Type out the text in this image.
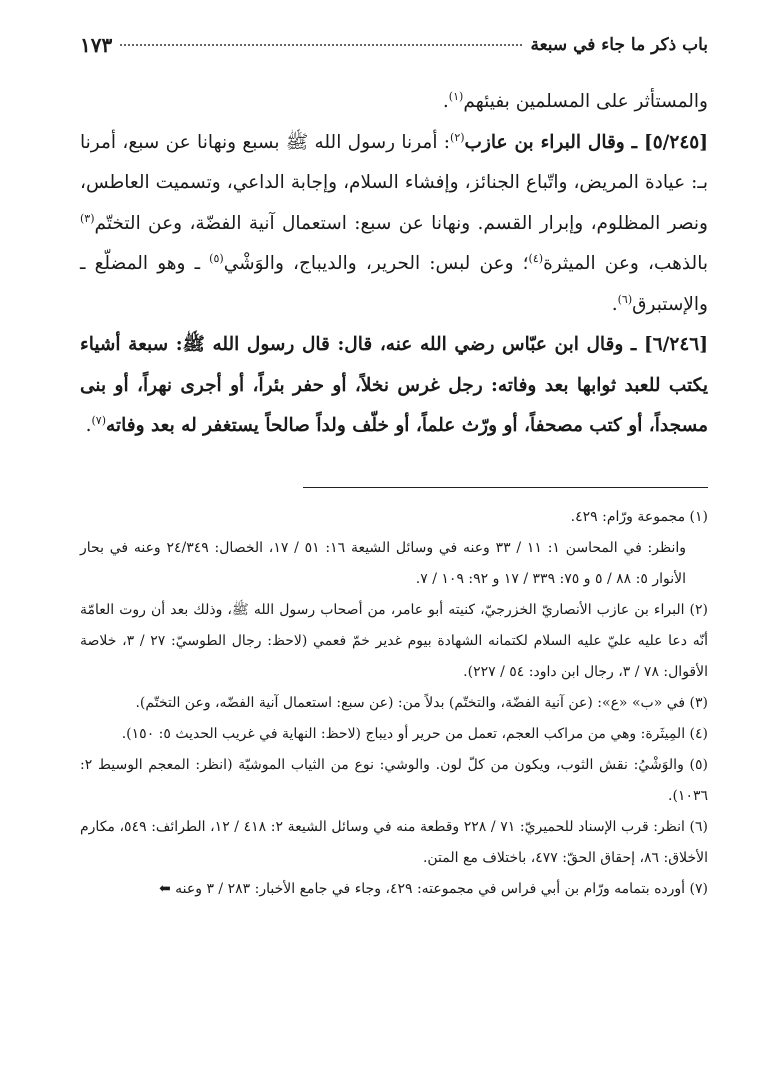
باب ذكر ما جاء في سبعة
١٧٣

والمستأثر على المسلمين بفيئهم$^{(١)}$.

[٥/٢٤٥] ـ وقال البراء بن عازب$^{(٢)}$: أمرنا رسول الله ﷺ بسبع ونهانا عن سبع، أمرنا بـ: عيادة المريض، واتّباع الجنائز، وإفشاء السلام، وإجابة الداعي، وتسميت العاطس، ونصر المظلوم، وإبرار القسم. ونهانا عن سبع: استعمال آنية الفضّة، وعن التختّم$^{(٣)}$ بالذهب، وعن الميثرة$^{(٤)}$؛ وعن لبس: الحرير، والديباج، والوَشْي$^{(٥)}$ ـ وهو المضلّع ـ والإستبرق$^{(٦)}$.

[٦/٢٤٦] ـ وقال ابن عبّاس رضي الله عنه، قال: قال رسول الله ﷺ: سبعة أشياء يكتب للعبد ثوابها بعد وفاته: رجل غرس نخلاً، أو حفر بئراً، أو أجرى نهراً، أو بنى مسجداً، أو كتب مصحفاً، أو ورّث علماً، أو خلّف ولداً صالحاً يستغفر له بعد وفاته$^{(٧)}$.

(١) مجموعة ورّام: ٤٢٩.

وانظر: في المحاسن ١: ١١ / ٣٣ وعنه في وسائل الشيعة ١٦: ٥١ / ١٧، الخصال: ٢٤/٣٤٩ وعنه في بحار الأنوار ٥: ٨٨ / ٥ و ٧٥: ٣٣٩ / ١٧ و ٩٢: ١٠٩ / ٧.

(٢) البراء بن عازب الأنصاريّ الخزرجيّ، كنيته أبو عامر، من أصحاب رسول الله ﷺ، وذلك بعد أن روت العامّة أنّه دعا عليه عليّ عليه السلام لكتمانه الشهادة بيوم غدير خمّ فعمي (لاحظ: رجال الطوسيّ: ٢٧ / ٣، خلاصة الأقوال: ٧٨ / ٣، رجال ابن داود: ٥٤ / ٢٢٧).

(٣) في «ب» «ع»: (عن آنية الفضّة، والتختّم) بدلاً من: (عن سبع: استعمال آنية الفضّه، وعن التختّم).

(٤) المِيثَرة: وهي من مراكب العجم، تعمل من حرير أو ديباج (لاحظ: النهاية في غريب الحديث ٥: ١٥٠).

(٥) والوَشْيُ: نقش الثوب، ويكون من كلّ لون. والوشي: نوع من الثياب الموشيّة (انظر: المعجم الوسيط ٢: ١٠٣٦).

(٦) انظر: قرب الإسناد للحميريّ: ٧١ / ٢٢٨ وقطعة منه في وسائل الشيعة ٢: ٤١٨ / ١٢، الطرائف: ٥٤٩، مكارم الأخلاق: ٨٦، إحقاق الحقّ: ٤٧٧، باختلاف مع المتن.

(٧) أورده بتمامه ورّام بن أبي فراس في مجموعته: ٤٢٩، وجاء في جامع الأخبار: ٢٨٣ / ٣ وعنه ⬅
